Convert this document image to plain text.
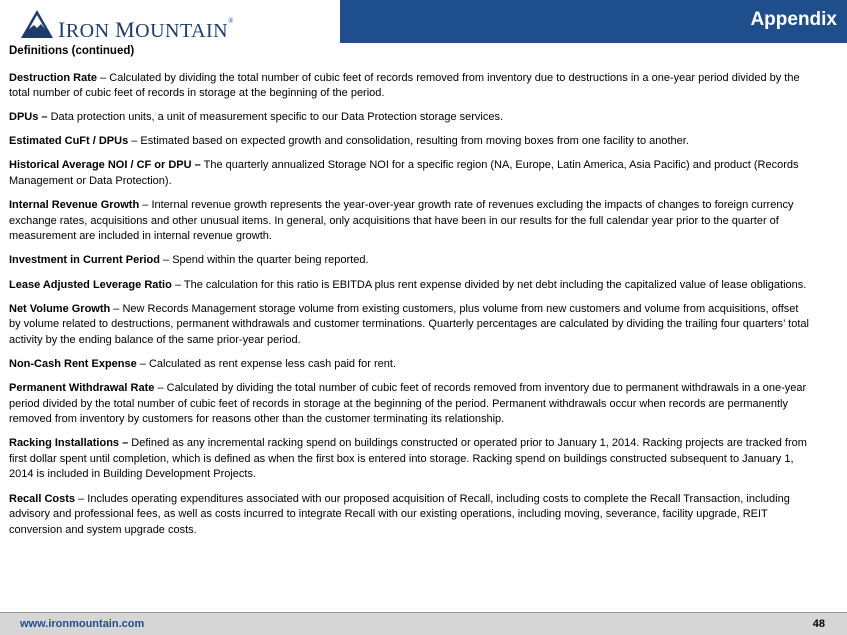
IRON MOUNTAIN®	Appendix

Definitions (continued)

Destruction Rate – Calculated by dividing the total number of cubic feet of records removed from inventory due to destructions in a one-year period divided by the total number of cubic feet of records in storage at the beginning of the period.

DPUs – Data protection units, a unit of measurement specific to our Data Protection storage services.

Estimated CuFt / DPUs – Estimated based on expected growth and consolidation, resulting from moving boxes from one facility to another.

Historical Average NOI / CF or DPU – The quarterly annualized Storage NOI for a specific region (NA, Europe, Latin America, Asia Pacific) and product (Records Management or Data Protection).

Internal Revenue Growth – Internal revenue growth represents the year-over-year growth rate of revenues excluding the impacts of changes to foreign currency exchange rates, acquisitions and other unusual items. In general, only acquisitions that have been in our results for the full calendar year prior to the quarter of measurement are included in internal revenue growth.

Investment in Current Period – Spend within the quarter being reported.

Lease Adjusted Leverage Ratio – The calculation for this ratio is EBITDA plus rent expense divided by net debt including the capitalized value of lease obligations.

Net Volume Growth – New Records Management storage volume from existing customers, plus volume from new customers and volume from acquisitions, offset by volume related to destructions, permanent withdrawals and customer terminations. Quarterly percentages are calculated by dividing the trailing four quarters’ total activity by the ending balance of the same prior-year period.

Non-Cash Rent Expense – Calculated as rent expense less cash paid for rent.

Permanent Withdrawal Rate – Calculated by dividing the total number of cubic feet of records removed from inventory due to permanent withdrawals in a one-year period divided by the total number of cubic feet of records in storage at the beginning of the period. Permanent withdrawals occur when records are permanently removed from inventory by customers for reasons other than the customer terminating its relationship.

Racking Installations – Defined as any incremental racking spend on buildings constructed or operated prior to January 1, 2014. Racking projects are tracked from first dollar spent until completion, which is defined as when the first box is entered into storage. Racking spend on buildings constructed subsequent to January 1, 2014 is included in Building Development Projects.

Recall Costs – Includes operating expenditures associated with our proposed acquisition of Recall, including costs to complete the Recall Transaction, including advisory and professional fees, as well as costs incurred to integrate Recall with our existing operations, including moving, severance, facility upgrade, REIT conversion and system upgrade costs.

www.ironmountain.com	48
